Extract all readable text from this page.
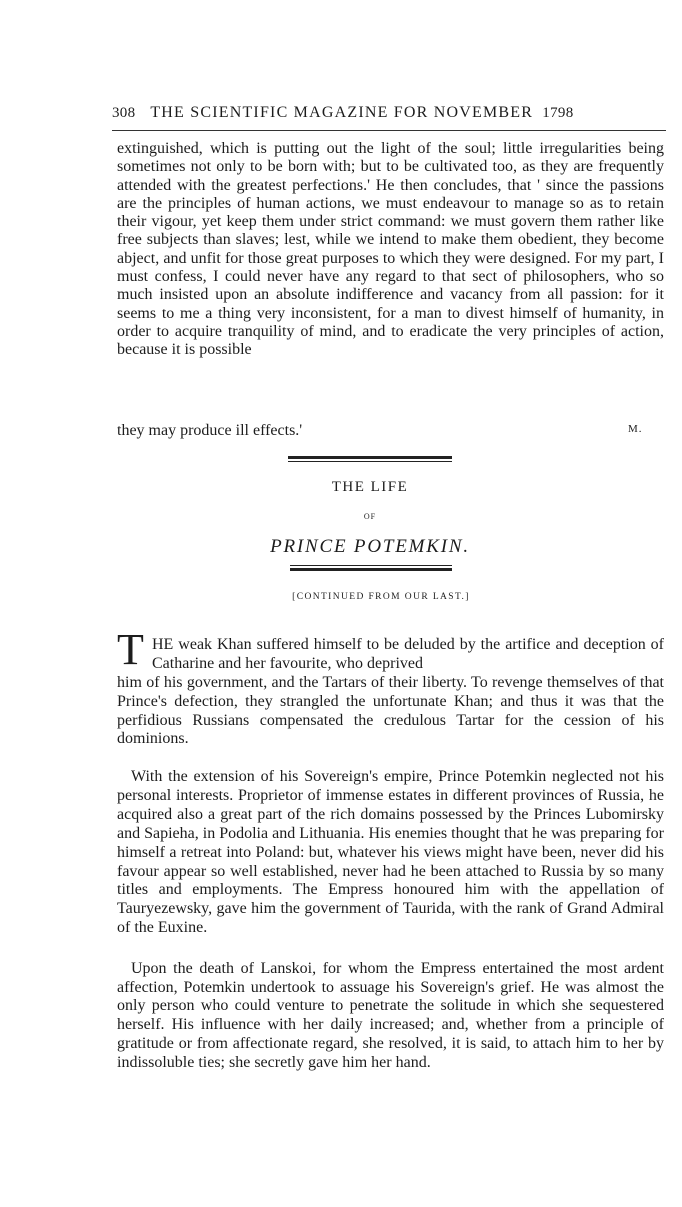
308 THE SCIENTIFIC MAGAZINE FOR NOVEMBER 1798
extinguished, which is putting out the light of the soul; little irregularities being sometimes not only to be born with; but to be cultivated too, as they are frequently attended with the greatest perfections.' He then concludes, that ' since the passions are the principles of human actions, we must endeavour to manage so as to retain their vigour, yet keep them under strict command: we must govern them rather like free subjects than slaves; lest, while we intend to make them obedient, they become abject, and unfit for those great purposes to which they were designed. For my part, I must confess, I could never have any regard to that sect of philosophers, who so much insisted upon an absolute indifference and vacancy from all passion: for it seems to me a thing very inconsistent, for a man to divest himself of humanity, in order to acquire tranquility of mind, and to eradicate the very principles of action, because it is possible
they may produce ill effects.'	M.
THE LIFE
OF
PRINCE POTEMKIN.
[CONTINUED FROM OUR LAST.]
T HE weak Khan suffered himself to be deluded by the artifice and deception of Catharine and her favourite, who deprived
him of his government, and the Tartars of their liberty. To revenge themselves of that Prince's defection, they strangled the unfortunate Khan; and thus it was that the perfidious Russians compensated the credulous Tartar for the cession of his dominions.
With the extension of his Sovereign's empire, Prince Potemkin neglected not his personal interests. Proprietor of immense estates in different provinces of Russia, he acquired also a great part of the rich domains possessed by the Princes Lubomirsky and Sapieha, in Podolia and Lithuania. His enemies thought that he was preparing for himself a retreat into Poland: but, whatever his views might have been, never did his favour appear so well established, never had he been attached to Russia by so many titles and employments. The Empress honoured him with the appellation of Tauryezewsky, gave him the government of Taurida, with the rank of Grand Admiral of the Euxine.
Upon the death of Lanskoi, for whom the Empress entertained the most ardent affection, Potemkin undertook to assuage his Sovereign's grief. He was almost the only person who could venture to penetrate the solitude in which she sequestered herself. His influence with her daily increased; and, whether from a principle of gratitude or from affectionate regard, she resolved, it is said, to attach him to her by indissoluble ties; she secretly gave him her hand.
